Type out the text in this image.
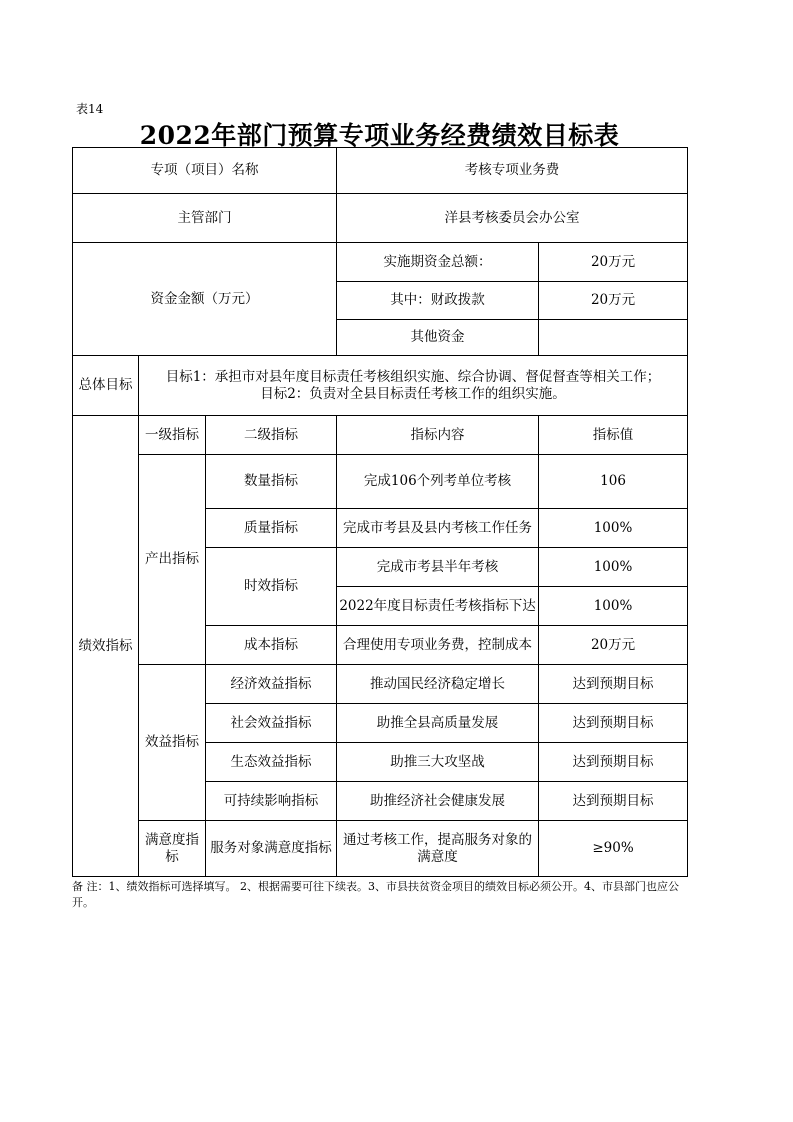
表14
2022年部门预算专项业务经费绩效目标表
专项（项目）名称			考核专项业务费	
主管部门			洋县考核委员会办公室	
资金金额（万元）			实施期资金总额：	20万元
			其中：财政拨款	20万元
			其他资金	
总体目标	目标1：承担市对县年度目标责任考核组织实施、综合协调、督促督查等相关工作；
目标2：负责对全县目标责任考核工作的组织实施。			

绩效指标	一级指标	二级指标	指标内容	指标值
	产出指标	数量指标	完成106个列考单位考核	106
		质量指标	完成市考县及县内考核工作任务	100%
		时效指标	完成市考县半年考核	100%
			2022年度目标责任考核指标下达	100%
		成本指标	合理使用专项业务费，控制成本	20万元
	效益指标	经济效益指标	推动国民经济稳定增长	达到预期目标
		社会效益指标	助推全县高质量发展	达到预期目标
		生态效益指标	助推三大攻坚战	达到预期目标
		可持续影响指标	助推经济社会健康发展	达到预期目标
	满意度指标	服务对象满意度指标	通过考核工作，提高服务对象的满意度	≥90%
备 注：1、绩效指标可选择填写。 2、根据需要可往下续表。3、市县扶贫资金项目的绩效目标必须公开。4、市县部门也应公开。
